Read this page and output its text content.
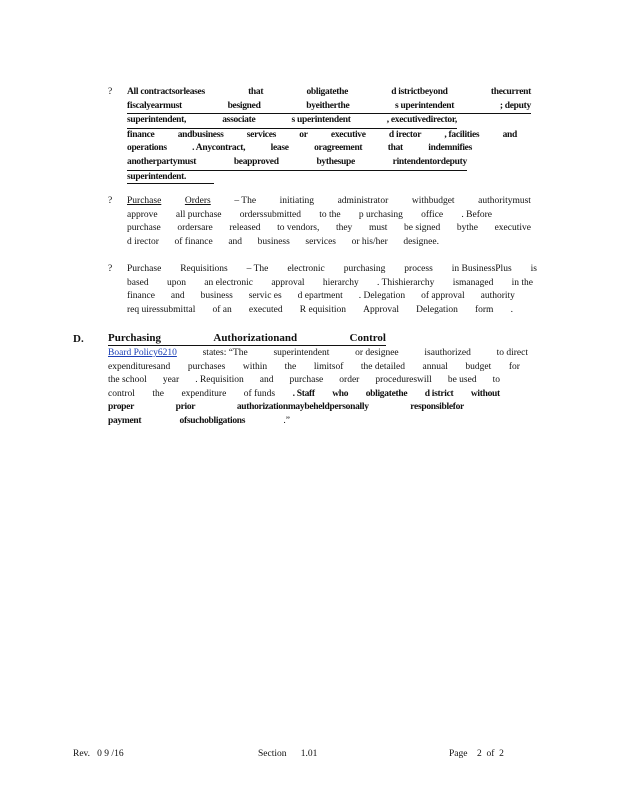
? All contractsorleases	that	obligatethe	d istrictbeyond	thecurrent
fiscalyearmust	besigned	byeitherthe	s uperintendent	; deputy
superintendent,	associate	s uperintendent	, executivedirector,
finance andbusiness services or executive d irector , facilities and
operations	. Anycontract,	lease	oragreement	that	indemnifies
anotherpartymust	beapproved	bythesupe	rintendentordeputy
superintendent.
? Purchase Orders – The initiating administrator withbudget authoritymust
approve all purchase orderssubmitted to the p urchasing office . Before
purchase ordersare released to vendors, they must be signed bythe executive
d irector of finance and business services or his/her designee.
? Purchase Requisitions – The electronic purchasing process in BusinessPlus is
based upon an electronic approval hierarchy . Thishierarchy ismanaged in the
finance and business servic es d epartment . Delegation of approval authority
req uiressubmittal of an executed R equisition Approval Delegation form .
D. Purchasing	Authorizationand	Control
Board Policy6210	states: “The	superintendent	or designee	isauthorized	to direct
expendituresand purchases within the limitsof the detailed annual budget for
the school year . Requisition and purchase order procedureswill be used to
control the expenditure of funds . Staff who obligatethe d istrict without
proper	prior	authorizationmaybeheldpersonally	responsiblefor
payment	ofsuchobligations	.”
Rev.   0 9 /16	Section      1.01	Page    2  of  2
